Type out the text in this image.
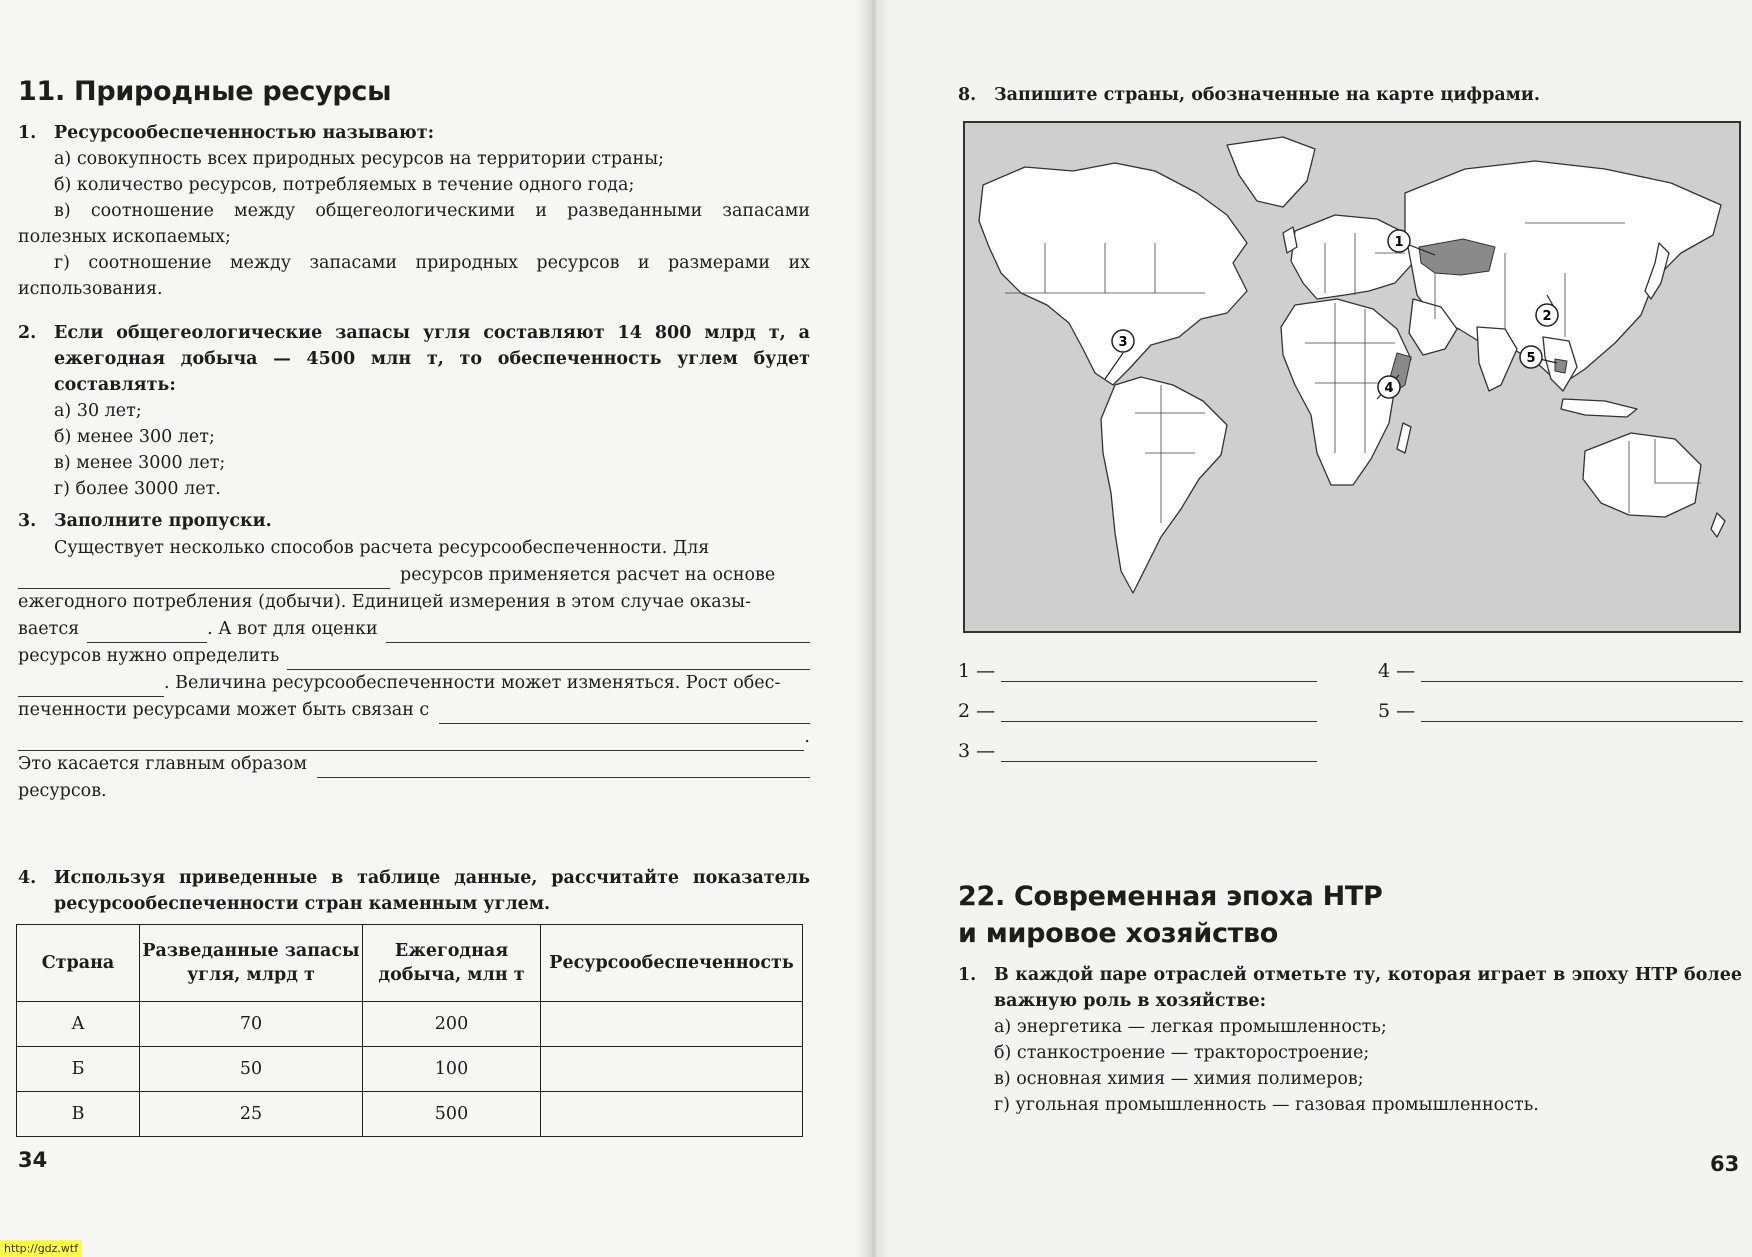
11. Природные ресурсы
1. Ресурсообеспеченностью называют:
а) совокупность всех природных ресурсов на территории страны;
б) количество ресурсов, потребляемых в течение одного года;
в) соотношение между общегеологическими и разведанными запасами полезных ископаемых;
г) соотношение между запасами природных ресурсов и размерами их использования.
2.	Если общегеологические запасы угля составляют 14 800 млрд т, а ежегодная добыча — 4500 млн т, то обеспеченность углем будет составлять:
а) 30 лет;
б) менее 300 лет;
в) менее 3000 лет;
г) более 3000 лет.
3. Заполните пропуски.
Существует несколько способов расчета ресурсообеспеченности. Для
ресурсов применяется расчет на основе
ежегодного потребления (добычи). Единицей измерения в этом случае оказы-
вается	. А вот для оценки
ресурсов нужно определить
. Величина ресурсообеспеченности может изменяться. Рост обес-
печенности ресурсами может быть связан с
.
Это касается главным образом
ресурсов.
4.	Используя приведенные в таблице данные, рассчитайте показатель ресурсообеспеченности стран каменным углем.
Страна	Разведанные запасы угля, млрд т	Ежегодная добыча, млн т	Ресурсообеспеченность
А	70	200	
Б	50	100	
В	25	500	
34
8. Запишите страны, обозначенные на карте цифрами.
1
2
3
4
5
1 —
2 —
3 —
4 —
5 —
22. Современная эпоха НТР
и мировое хозяйство
1.	В каждой паре отраслей отметьте ту, которая играет в эпоху НТР более важную роль в хозяйстве:
а) энергетика — легкая промышленность;
б) станкостроение — тракторостроение;
в) основная химия — химия полимеров;
г) угольная промышленность — газовая промышленность.
63
http://gdz.wtf
